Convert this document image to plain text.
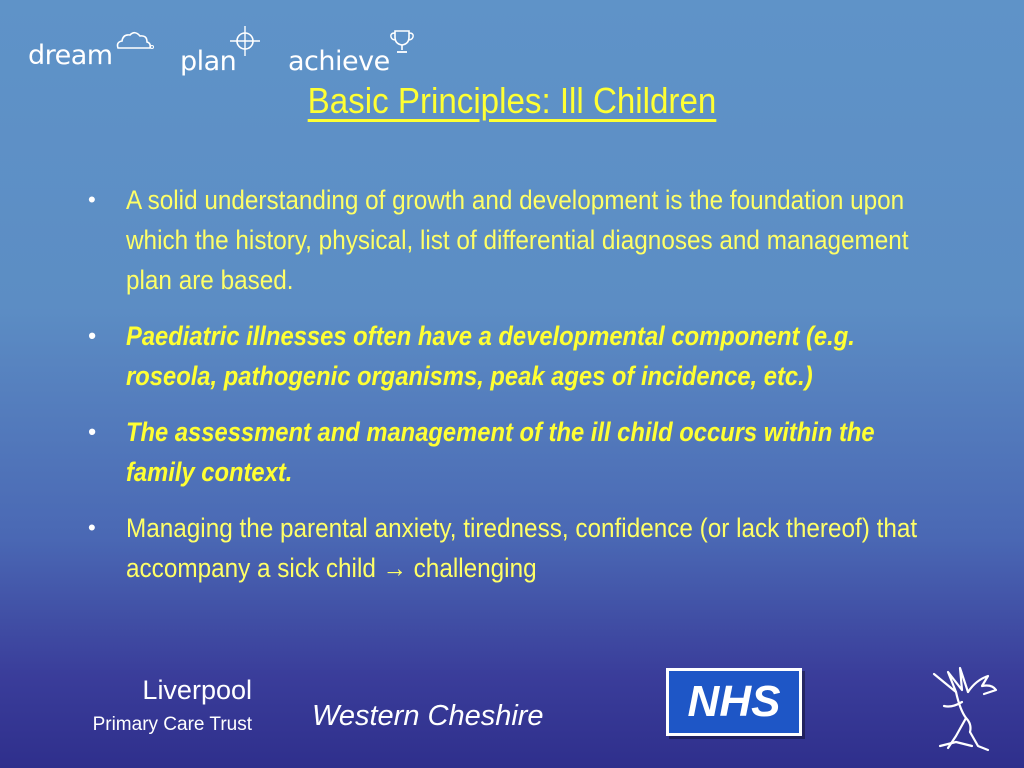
dream plan achieve
Basic Principles: Ill Children
• A solid understanding of growth and development is the foundation upon which the history, physical, list of differential diagnoses and management plan are based.
• Paediatric illnesses often have a developmental component (e.g. roseola, pathogenic organisms, peak ages of incidence, etc.)
• The assessment and management of the ill child occurs within the family context.
• Managing the parental anxiety, tiredness, confidence (or lack thereof) that accompany a sick child → challenging
Liverpool
Primary Care Trust Western Cheshire	NHS
